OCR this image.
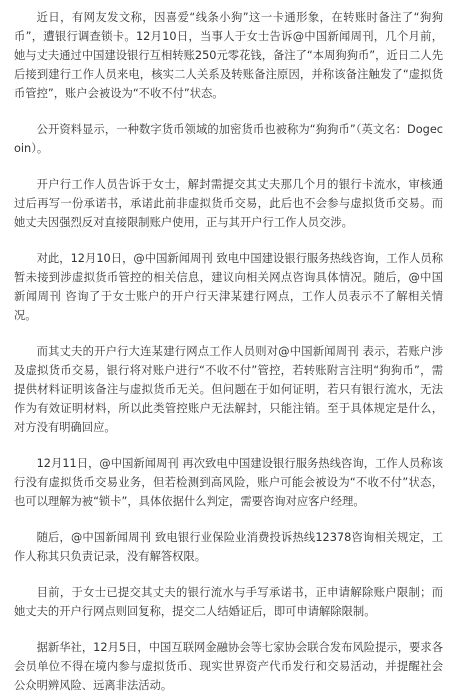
近日，有网友发文称，因喜爱“线条小狗”这一卡通形象，在转账时备注了“狗狗币”，遭银行调查锁卡。12月10日，当事人于女士告诉@中国新闻周刊，几个月前，她与丈夫通过中国建设银行互相转账250元零花钱，备注了“本周狗狗币”，近日二人先后接到建行工作人员来电，核实二人关系及转账备注原因，并称该备注触发了“虚拟货币管控”，账户会被设为“不收不付”状态。

公开资料显示，一种数字货币领域的加密货币也被称为“狗狗币”（英文名：Dogecoin）。

开户行工作人员告诉于女士，解封需提交其丈夫那几个月的银行卡流水，审核通过后再写一份承诺书，承诺此前非虚拟货币交易，此后也不会参与虚拟货币交易。而她丈夫因强烈反对直接限制账户使用，正与其开户行工作人员交涉。

对此，12月10日，@中国新闻周刊 致电中国建设银行服务热线咨询，工作人员称暂未接到涉虚拟货币管控的相关信息，建议向相关网点咨询具体情况。随后，@中国新闻周刊 咨询了于女士账户的开户行天津某建行网点，工作人员表示不了解相关情况。

而其丈夫的开户行大连某建行网点工作人员则对@中国新闻周刊 表示，若账户涉及虚拟货币交易，银行将对账户进行“不收不付”管控，若转账附言注明“狗狗币”，需提供材料证明该备注与虚拟货币无关。但问题在于如何证明，若只有银行流水，无法作为有效证明材料，所以此类管控账户无法解封，只能注销。至于具体规定是什么，对方没有明确回应。

12月11日，@中国新闻周刊 再次致电中国建设银行服务热线咨询，工作人员称该行没有虚拟货币交易业务，但若检测到高风险，账户可能会被设为“不收不付”状态，也可以理解为被“锁卡”，具体依据什么判定，需要咨询对应客户经理。

随后，@中国新闻周刊 致电银行业保险业消费投诉热线12378咨询相关规定，工作人称其只负责记录，没有解答权限。

目前，于女士已提交其丈夫的银行流水与手写承诺书，正申请解除账户限制；而她丈夫的开户行网点则回复称，提交二人结婚证后，即可申请解除限制。

据新华社，12月5日，中国互联网金融协会等七家协会联合发布风险提示，要求各会员单位不得在境内参与虚拟货币、现实世界资产代币发行和交易活动，并提醒社会公众明辨风险、远离非法活动。
